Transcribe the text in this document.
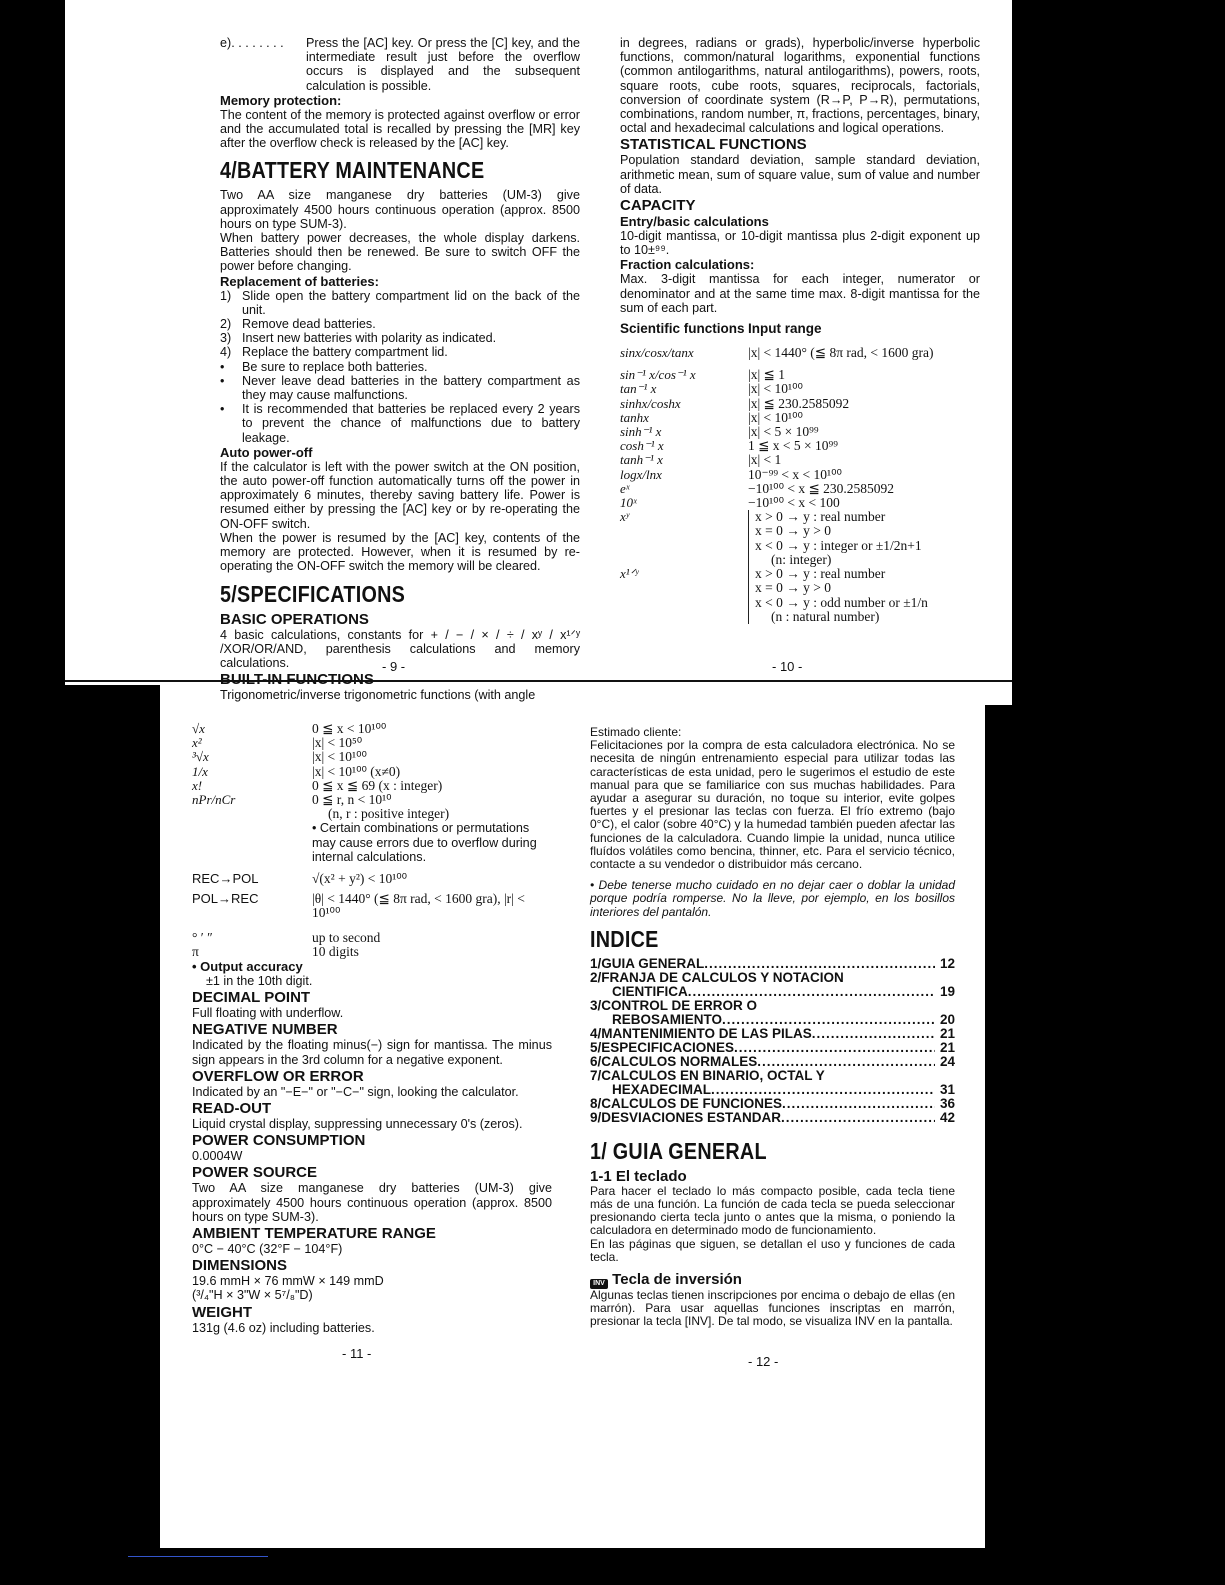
e). . . . . . . .	Press the [AC] key. Or press the [C] key, and the intermediate result just before the overflow occurs is displayed and the subsequent calculation is possible.

Memory protection:

The content of the memory is protected against overflow or error and the accumulated total is recalled by pressing the [MR] key after the overflow check is released by the [AC] key.

4/BATTERY MAINTENANCE

Two AA size manganese dry batteries (UM-3) give approximately 4500 hours continuous operation (approx. 8500 hours on type SUM-3).

When battery power decreases, the whole display darkens. Batteries should then be renewed. Be sure to switch OFF the power before changing.

Replacement of batteries:
1) Slide open the battery compartment lid on the back of the unit.
2) Remove dead batteries.
3) Insert new batteries with polarity as indicated.
4) Replace the battery compartment lid.
•	Be sure to replace both batteries.
•	Never leave dead batteries in the battery compartment as they may cause malfunctions.
•	It is recommended that batteries be replaced every 2 years to prevent the chance of malfunctions due to battery leakage.
Auto power-off

If the calculator is left with the power switch at the ON position, the auto power-off function automatically turns off the power in approximately 6 minutes, thereby saving battery life. Power is resumed either by pressing the [AC] key or by re-operating the ON-OFF switch.

When the power is resumed by the [AC] key, contents of the memory are protected. However, when it is resumed by re-operating the ON-OFF switch the memory will be cleared.

5/SPECIFICATIONS
BASIC OPERATIONS

4 basic calculations, constants for + / − / × / ÷ / xʸ / x¹ᐟʸ /XOR/OR/AND, parenthesis calculations and memory calculations.

BUILT-IN FUNCTIONS

Trigonometric/inverse trigonometric functions (with angle

- 9 -

in degrees, radians or grads), hyperbolic/inverse hyperbolic functions, common/natural logarithms, exponential functions (common antilogarithms, natural antilogarithms), powers, roots, square roots, cube roots, squares, reciprocals, factorials, conversion of coordinate system (R→P, P→R), permutations, combinations, random number, π, fractions, percentages, binary, octal and hexadecimal calculations and logical operations.

STATISTICAL FUNCTIONS

Population standard deviation, sample standard deviation, arithmetic mean, sum of square value, sum of value and number of data.

CAPACITY
Entry/basic calculations

10-digit mantissa, or 10-digit mantissa plus 2-digit exponent up to 10±⁹⁹.

Fraction calculations:

Max. 3-digit mantissa for each integer, numerator or denominator and at the same time max. 8-digit mantissa for the sum of each part.

Scientific functions Input range
sinx/cosx/tanx	|x| < 1440° (≦ 8π rad, < 1600 gra)
sin⁻¹ x/cos⁻¹ x	|x| ≦ 1
tan⁻¹ x	|x| < 10¹⁰⁰
sinhx/coshx	|x| ≦ 230.2585092
tanhx	|x| < 10¹⁰⁰
sinh⁻¹ x	|x| < 5 × 10⁹⁹
cosh⁻¹ x	1 ≦ x < 5 × 10⁹⁹
tanh⁻¹ x	|x| < 1
logx/lnx	10⁻⁹⁹ < x < 10¹⁰⁰
eˣ	−10¹⁰⁰ < x ≦ 230.2585092
10ˣ	−10¹⁰⁰ < x < 100
xʸ	x > 0 → y : real number
x = 0 → y > 0
x < 0 → y : integer or ±1/2n+1
(n: integer)
x¹ᐟʸ	x > 0 → y : real number
x = 0 → y > 0
x < 0 → y : odd number or ±1/n
(n : natural number)
- 10 -
√x	0 ≦ x < 10¹⁰⁰
x²	|x| < 10⁵⁰
³√x	|x| < 10¹⁰⁰
1/x	|x| < 10¹⁰⁰ (x≠0)
x!	0 ≦ x ≦ 69 (x : integer)
nPr/nCr	0 ≦ r, n < 10¹⁰
(n, r : positive integer)
• Certain combinations or permutations may cause errors due to overflow during internal calculations.
REC→POL	√(x² + y²) < 10¹⁰⁰
POL→REC	|θ| < 1440° (≦ 8π rad, < 1600 gra), |r| < 10¹⁰⁰
° ′ ″	up to second
π	10 digits
• Output accuracy

±1 in the 10th digit.

DECIMAL POINT

Full floating with underflow.

NEGATIVE NUMBER

Indicated by the floating minus(−) sign for mantissa. The minus sign appears in the 3rd column for a negative exponent.

OVERFLOW OR ERROR

Indicated by an "−E−" or "−C−" sign, looking the calculator.

READ-OUT

Liquid crystal display, suppressing unnecessary 0's (zeros).

POWER CONSUMPTION

0.0004W

POWER SOURCE

Two AA size manganese dry batteries (UM-3) give approximately 4500 hours continuous operation (approx. 8500 hours on type SUM-3).

AMBIENT TEMPERATURE RANGE

0°C − 40°C (32°F − 104°F)

DIMENSIONS

19.6 mmH × 76 mmW × 149 mmD

(³/₄"H × 3"W × 5⁷/₈"D)

WEIGHT

131g (4.6 oz) including batteries.

- 11 -

Estimado cliente:

Felicitaciones por la compra de esta calculadora electrónica. No se necesita de ningún entrenamiento especial para utilizar todas las características de esta unidad, pero le sugerimos el estudio de este manual para que se familiarice con sus muchas habilidades. Para ayudar a asegurar su duración, no toque su interior, evite golpes fuertes y el presionar las teclas con fuerza. El frío extremo (bajo 0°C), el calor (sobre 40°C) y la humedad también pueden afectar las funciones de la calculadora. Cuando limpie la unidad, nunca utilice fluídos volátiles como bencina, thinner, etc. Para el servicio técnico, contacte a su vendedor o distribuidor más cercano.

• Debe tenerse mucho cuidado en no dejar caer o doblar la unidad porque podría romperse. No la lleve, por ejemplo, en los bosillos interiores del pantalón.

INDICE
1/GUIA GENERAL .....	12
2/FRANJA DE CALCULOS Y NOTACION
CIENTIFICA .....	19
3/CONTROL DE ERROR O
REBOSAMIENTO .....	20
4/MANTENIMIENTO DE LAS PILAS .....	21
5/ESPECIFICACIONES .....	21
6/CALCULOS NORMALES .....	24
7/CALCULOS EN BINARIO, OCTAL Y
HEXADECIMAL .....	31
8/CALCULOS DE FUNCIONES .....	36
9/DESVIACIONES ESTANDAR .....	42
1/ GUIA GENERAL
1-1 El teclado

Para hacer el teclado lo más compacto posible, cada tecla tiene más de una función. La función de cada tecla se pueda seleccionar presionando cierta tecla junto o antes que la misma, o poniendo la calculadora en determinado modo de funcionamiento.

En las páginas que siguen, se detallan el uso y funciones de cada tecla.

INV Tecla de inversión

Algunas teclas tienen inscripciones por encima o debajo de ellas (en marrón). Para usar aquellas funciones inscriptas en marrón, presionar la tecla [INV]. De tal modo, se visualiza INV en la pantalla.

- 12 -
